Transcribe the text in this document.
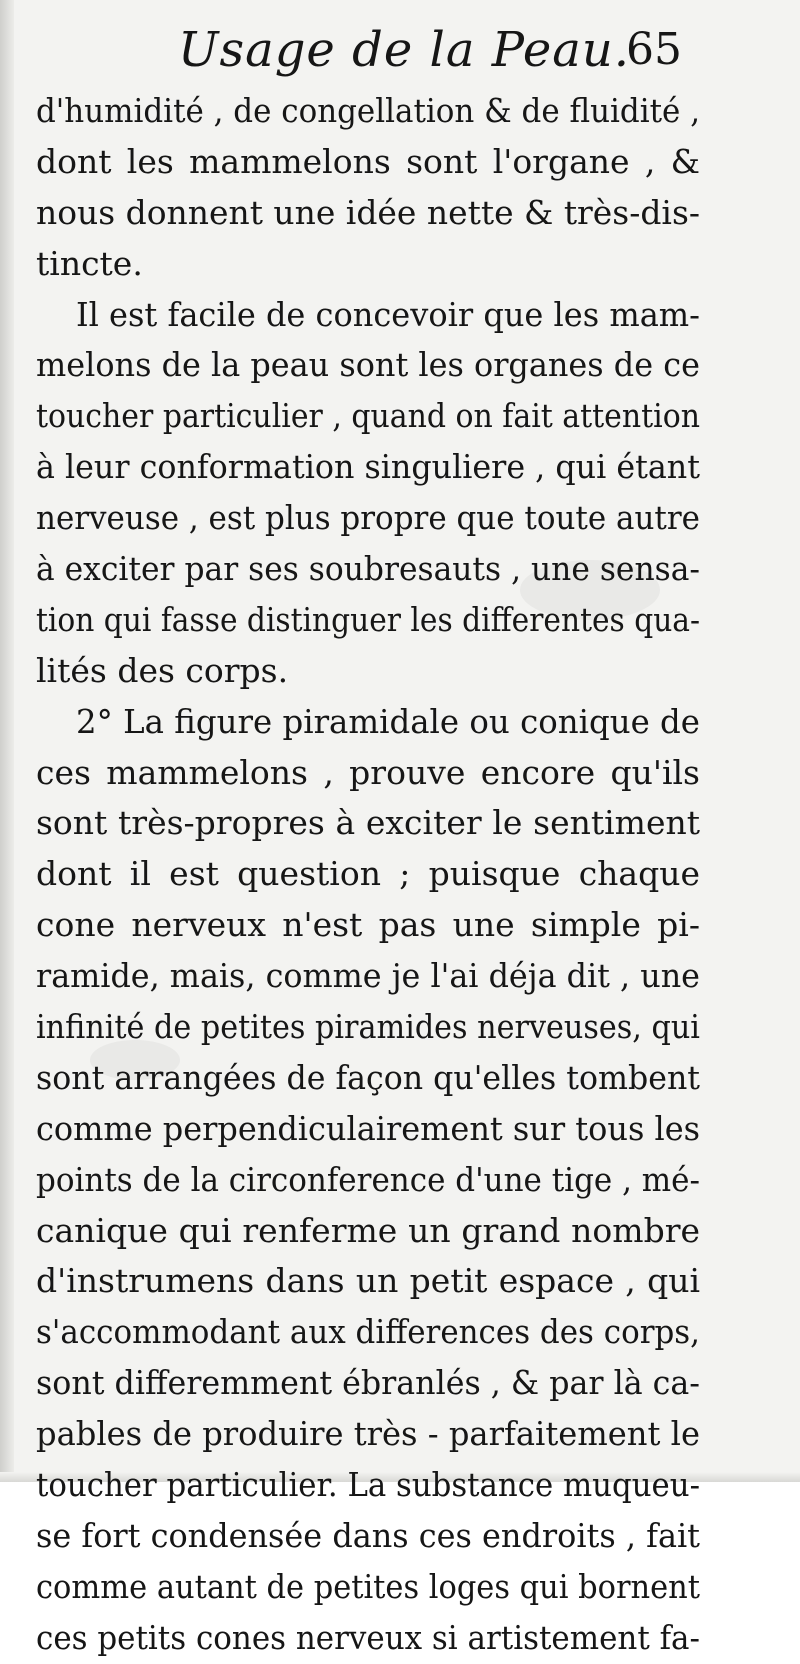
Usage de la Peau.
65
d'humidité , de congellation & de fluidité ,
dont les mammelons sont l'organe , &
nous donnent une idée nette & très-dis-
tincte.
Il est facile de concevoir que les mam-
melons de la peau sont les organes de ce
toucher particulier , quand on fait attention
à leur conformation singuliere , qui étant
nerveuse , est plus propre que toute autre
à exciter par ses soubresauts , une sensa-
tion qui fasse distinguer les differentes qua-
lités des corps.
2° La figure piramidale ou conique de
ces mammelons , prouve encore qu'ils
sont très-propres à exciter le sentiment
dont il est question ; puisque chaque
cone nerveux n'est pas une simple pi-
ramide, mais, comme je l'ai déja dit , une
infinité de petites piramides nerveuses, qui
sont arrangées de façon qu'elles tombent
comme perpendiculairement sur tous les
points de la circonference d'une tige , mé-
canique qui renferme un grand nombre
d'instrumens dans un petit espace , qui
s'accommodant aux differences des corps,
sont differemment ébranlés , & par là ca-
pables de produire très - parfaitement le
toucher particulier. La substance muqueu-
se fort condensée dans ces endroits , fait
comme autant de petites loges qui bornent
ces petits cones nerveux si artistement fa-
